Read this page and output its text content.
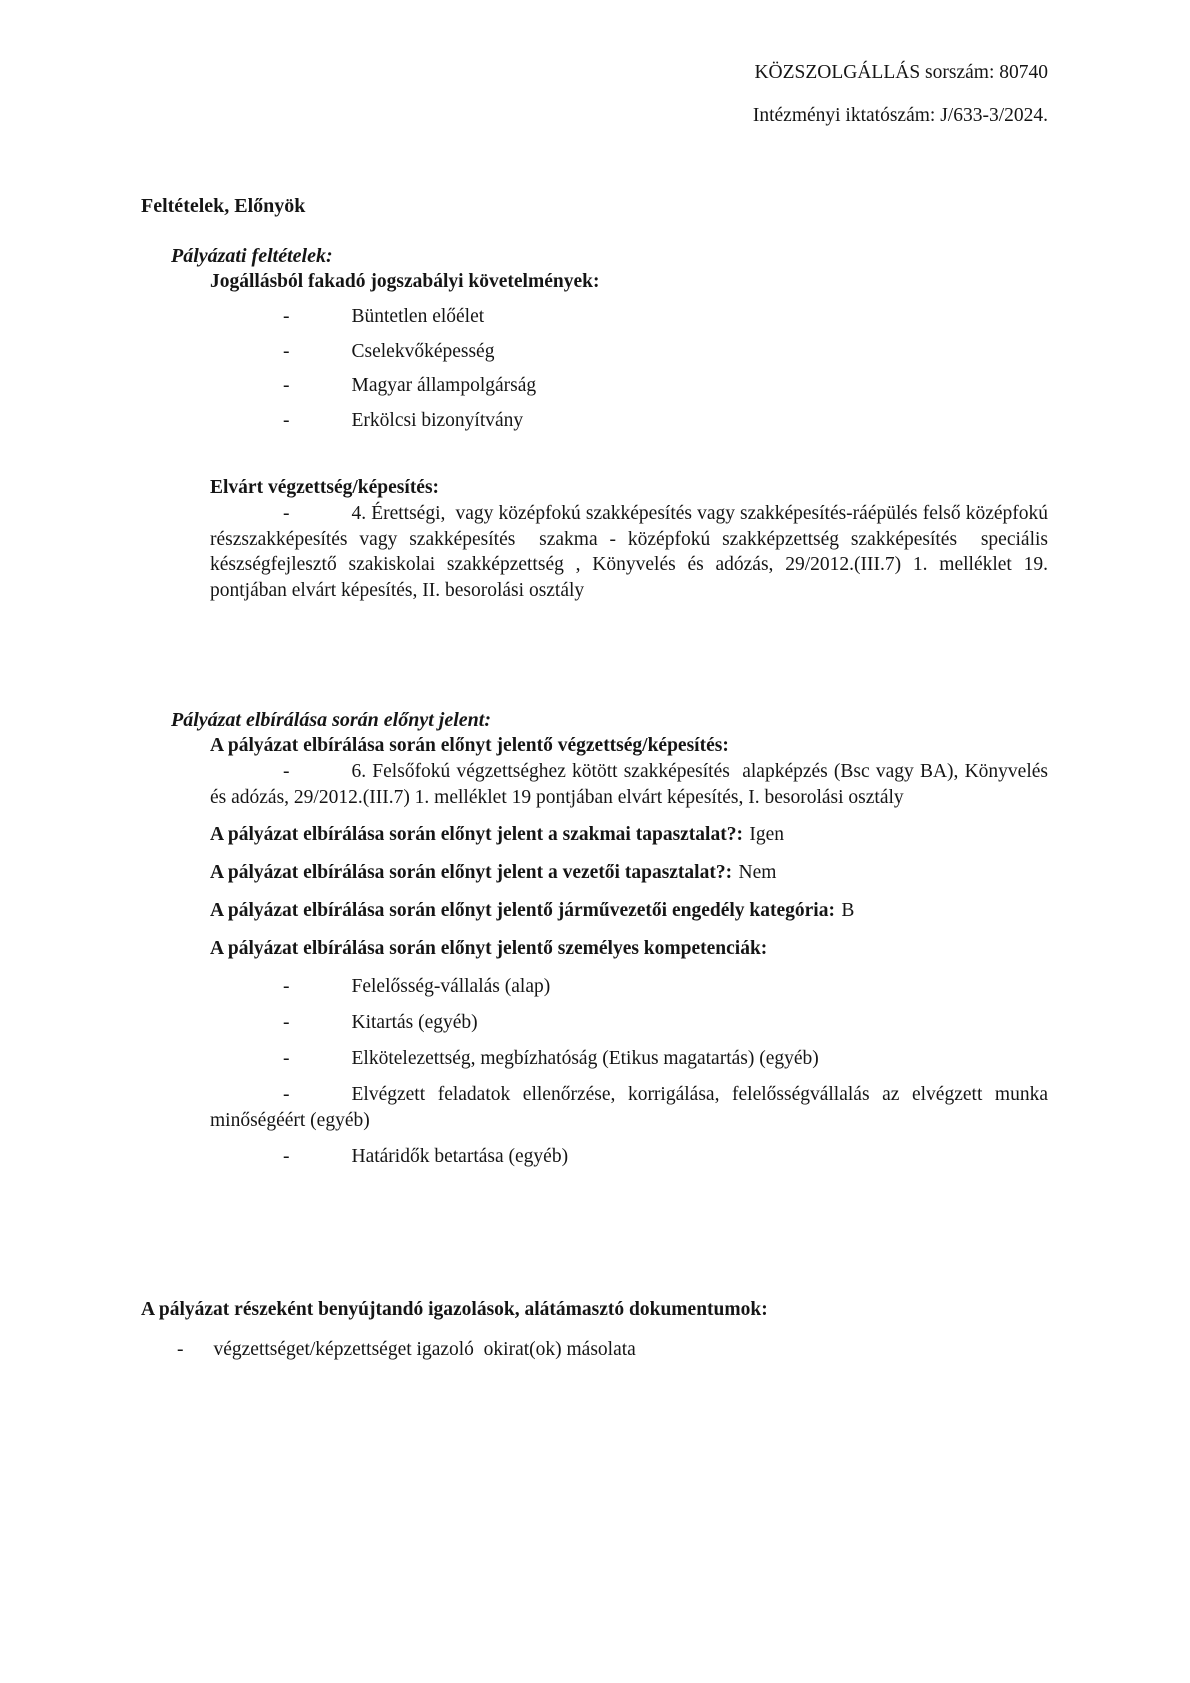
KÖZSZOLGÁLLÁS sorszám: 80740
Intézményi iktatószám: J/633-3/2024.
Feltételek, Előnyök
Pályázati feltételek:
Jogállásból fakadó jogszabályi követelmények:

-	Büntetlen előélet

-	Cselekvőképesség

-	Magyar állampolgárság

-	Erkölcsi bizonyítvány

Elvárt végzettség/képesítés:

-	4. Érettségi,  vagy középfokú szakképesítés vagy szakképesítés-ráépülés felső középfokú részszakképesítés vagy szakképesítés  szakma - középfokú szakképzettség szakképesítés  speciális készségfejlesztő szakiskolai szakképzettség , Könyvelés és adózás, 29/2012.(III.7) 1. melléklet 19. pontjában elvárt képesítés, II. besorolási osztály

Pályázat elbírálása során előnyt jelent:
A pályázat elbírálása során előnyt jelentő végzettség/képesítés:

-	6. Felsőfokú végzettséghez kötött szakképesítés  alapképzés (Bsc vagy BA), Könyvelés és adózás, 29/2012.(III.7) 1. melléklet 19 pontjában elvárt képesítés, I. besorolási osztály

A pályázat elbírálása során előnyt jelent a szakmai tapasztalat?: Igen
A pályázat elbírálása során előnyt jelent a vezetői tapasztalat?: Nem
A pályázat elbírálása során előnyt jelentő járművezetői engedély kategória: B
A pályázat elbírálása során előnyt jelentő személyes kompetenciák:

-	Felelősség-vállalás (alap)

-	Kitartás (egyéb)

-	Elkötelezettség, megbízhatóság (Etikus magatartás) (egyéb)

-	Elvégzett feladatok ellenőrzése, korrigálása, felelősségvállalás az elvégzett munka minőségéért (egyéb)

-	Határidők betartása (egyéb)

A pályázat részeként benyújtandó igazolások, alátámasztó dokumentumok:

- végzettséget/képzettséget igazoló  okirat(ok) másolata
